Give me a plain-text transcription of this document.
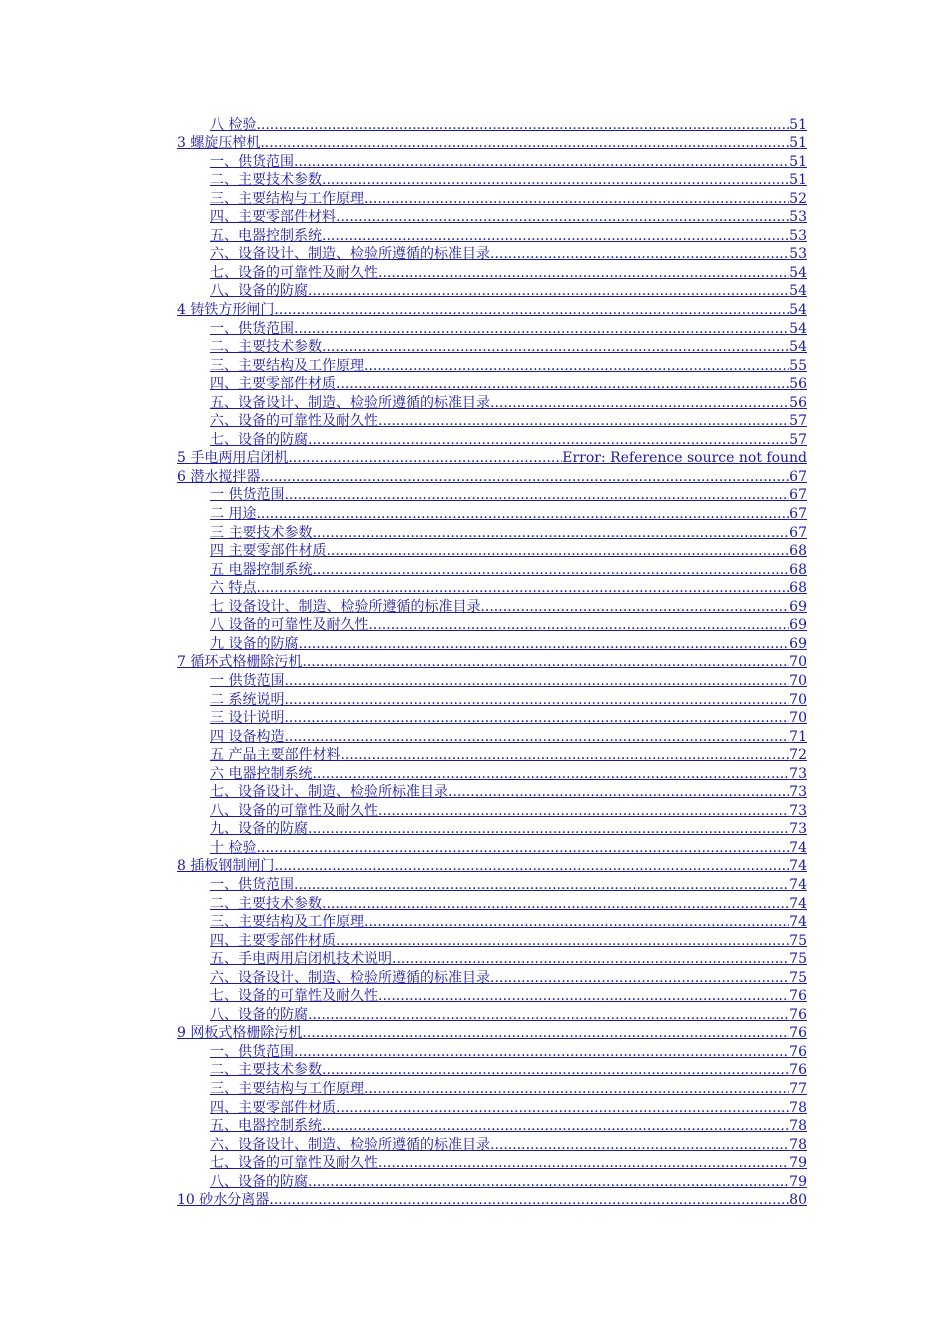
八 检验 .....	51
3 螺旋压榨机 .....	51
一、供货范围 .....	51
二、主要技术参数 .....	51
三、主要结构与工作原理 .....	52
四、主要零部件材料 .....	53
五、电器控制系统 .....	53
六、设备设计、制造、检验所遵循的标准目录 .....	53
七、设备的可靠性及耐久性 .....	54
八、设备的防腐 .....	54
4 铸铁方形闸门 .....	54
一、供货范围 .....	54
二、主要技术参数 .....	54
三、主要结构及工作原理 .....	55
四、主要零部件材质 .....	56
五、设备设计、制造、检验所遵循的标准目录 .....	56
六、设备的可靠性及耐久性 .....	57
七、设备的防腐 .....	57
5 手电两用启闭机 .....	Error: Reference source not found
6 潜水搅拌器 .....	67
一 供货范围 .....	67
二 用途 .....	67
三 主要技术参数 .....	67
四 主要零部件材质 .....	68
五 电器控制系统 .....	68
六 特点 .....	68
七 设备设计、制造、检验所遵循的标准目录 .....	69
八 设备的可靠性及耐久性 .....	69
九 设备的防腐 .....	69
7 循环式格栅除污机 .....	70
一 供货范围 .....	70
二 系统说明 .....	70
三 设计说明 .....	70
四 设备构造 .....	71
五 产品主要部件材料 .....	72
六 电器控制系统 .....	73
七、设备设计、制造、检验所标准目录 .....	73
八、设备的可靠性及耐久性 .....	73
九、设备的防腐 .....	73
十 检验 .....	74
8 插板钢制闸门 .....	74
一、供货范围 .....	74
二、主要技术参数 .....	74
三、主要结构及工作原理 .....	74
四、主要零部件材质 .....	75
五、手电两用启闭机技术说明 .....	75
六、设备设计、制造、检验所遵循的标准目录 .....	75
七、设备的可靠性及耐久性 .....	76
八、设备的防腐 .....	76
9 网板式格栅除污机 .....	76
一、供货范围 .....	76
二、主要技术参数 .....	76
三、主要结构与工作原理 .....	77
四、主要零部件材质 .....	78
五、电器控制系统 .....	78
六、设备设计、制造、检验所遵循的标准目录 .....	78
七、设备的可靠性及耐久性 .....	79
八、设备的防腐 .....	79
10 砂水分离器 .....	80
